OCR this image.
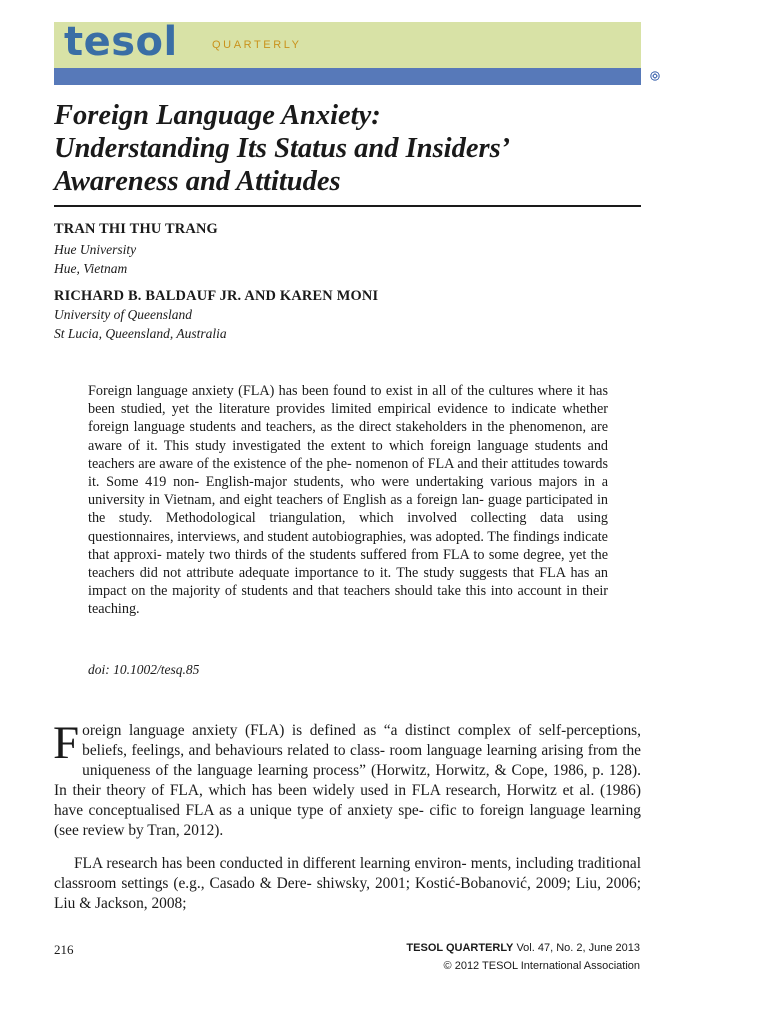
tesol	QUARTERLY
tesoL international association
Foreign Language Anxiety:
Understanding Its Status and Insiders’
Awareness and Attitudes

TRAN THI THU TRANG

Hue University
Hue, Vietnam

RICHARD B. BALDAUF JR. AND KAREN MONI

University of Queensland
St Lucia, Queensland, Australia

Foreign language anxiety (FLA) has been found to exist in all of the cultures where it has been studied, yet the literature provides limited empirical evidence to indicate whether foreign language students and teachers, as the direct stakeholders in the phenomenon, are aware of it. This study investigated the extent to which foreign language students and teachers are aware of the existence of the phe- nomenon of FLA and their attitudes towards it. Some 419 non- English-major students, who were undertaking various majors in a university in Vietnam, and eight teachers of English as a foreign lan- guage participated in the study. Methodological triangulation, which involved collecting data using questionnaires, interviews, and student autobiographies, was adopted. The findings indicate that approxi- mately two thirds of the students suffered from FLA to some degree, yet the teachers did not attribute adequate importance to it. The study suggests that FLA has an impact on the majority of students and that teachers should take this into account in their teaching.

doi: 10.1002/tesq.85

F oreign language anxiety (FLA) is defined as “a distinct complex of self-perceptions, beliefs, feelings, and behaviours related to class- room language learning arising from the uniqueness of the language learning process” (Horwitz, Horwitz, & Cope, 1986, p. 128). In their theory of FLA, which has been widely used in FLA research, Horwitz et al. (1986) have conceptualised FLA as a unique type of anxiety spe- cific to foreign language learning (see review by Tran, 2012).

FLA research has been conducted in different learning environ- ments, including traditional classroom settings (e.g., Casado & Dere- shiwsky, 2001; Kostić-Bobanović, 2009; Liu, 2006; Liu & Jackson, 2008;

216	TESOL QUARTERLY Vol. 47, No. 2, June 2013

© 2012 TESOL International Association
